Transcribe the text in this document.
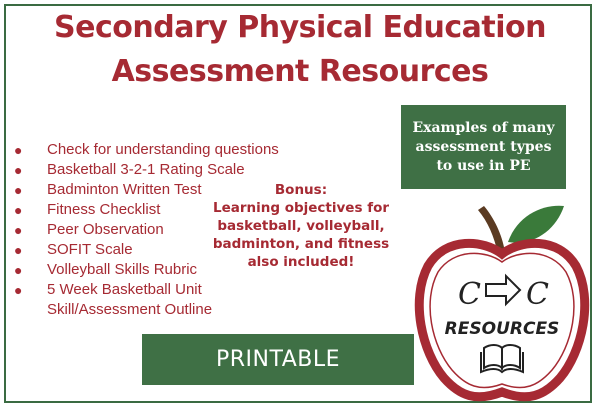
Secondary Physical Education
Assessment Resources
Examples of many assessment types to use in PE
● Check for understanding questions
● Basketball 3-2-1 Rating Scale
● Badminton Written Test
● Fitness Checklist
● Peer Observation
● SOFIT Scale
● Volleyball Skills Rubric
● 5 Week Basketball Unit Skill/Assessment Outline
Bonus:
Learning objectives for basketball, volleyball, badminton, and fitness also included!
PRINTABLE
C C
RESOURCES
